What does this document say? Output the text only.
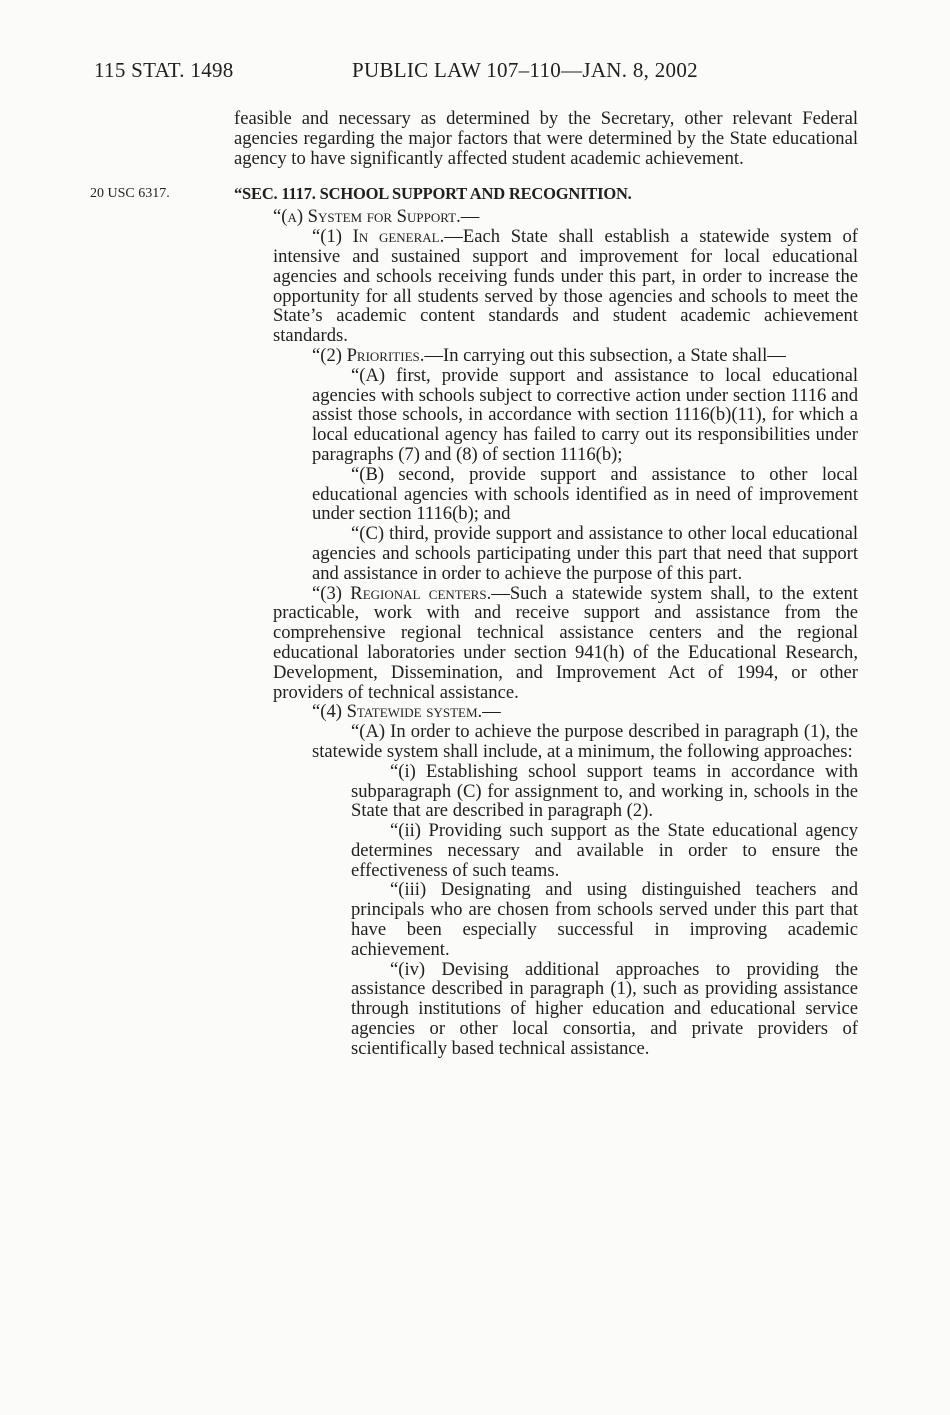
115 STAT. 1498	PUBLIC LAW 107–110—JAN. 8, 2002

feasible and necessary as determined by the Secretary, other relevant Federal agencies regarding the major factors that were determined by the State educational agency to have significantly affected student academic achievement.

20 USC 6317.	“SEC. 1117. SCHOOL SUPPORT AND RECOGNITION.

“(a) System for Support.—

“(1) In general.—Each State shall establish a statewide system of intensive and sustained support and improvement for local educational agencies and schools receiving funds under this part, in order to increase the opportunity for all students served by those agencies and schools to meet the State’s academic content standards and student academic achievement standards.

“(2) Priorities.—In carrying out this subsection, a State shall—

“(A) first, provide support and assistance to local educational agencies with schools subject to corrective action under section 1116 and assist those schools, in accordance with section 1116(b)(11), for which a local educational agency has failed to carry out its responsibilities under paragraphs (7) and (8) of section 1116(b);

“(B) second, provide support and assistance to other local educational agencies with schools identified as in need of improvement under section 1116(b); and

“(C) third, provide support and assistance to other local educational agencies and schools participating under this part that need that support and assistance in order to achieve the purpose of this part.

“(3) Regional centers.—Such a statewide system shall, to the extent practicable, work with and receive support and assistance from the comprehensive regional technical assistance centers and the regional educational laboratories under section 941(h) of the Educational Research, Development, Dissemination, and Improvement Act of 1994, or other providers of technical assistance.

“(4) Statewide system.—

“(A) In order to achieve the purpose described in paragraph (1), the statewide system shall include, at a minimum, the following approaches:

“(i) Establishing school support teams in accordance with subparagraph (C) for assignment to, and working in, schools in the State that are described in paragraph (2).

“(ii) Providing such support as the State educational agency determines necessary and available in order to ensure the effectiveness of such teams.

“(iii) Designating and using distinguished teachers and principals who are chosen from schools served under this part that have been especially successful in improving academic achievement.

“(iv) Devising additional approaches to providing the assistance described in paragraph (1), such as providing assistance through institutions of higher education and educational service agencies or other local consortia, and private providers of scientifically based technical assistance.
